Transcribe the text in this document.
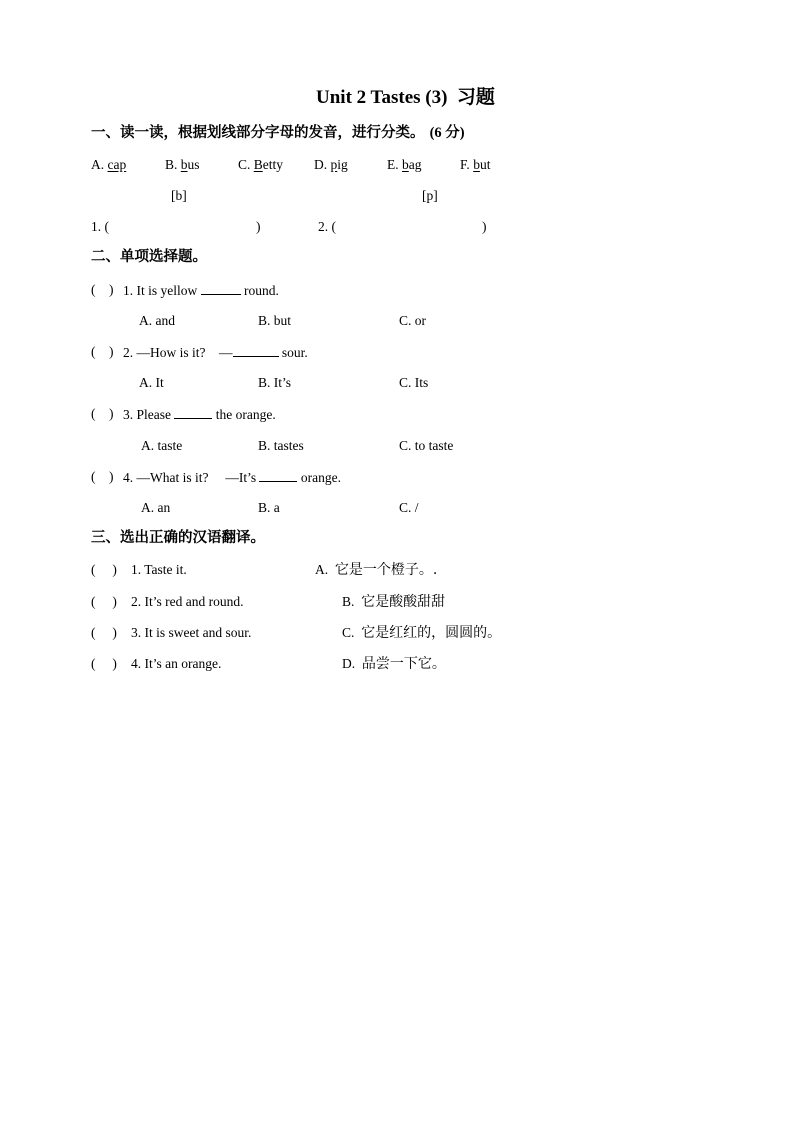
Unit 2 Tastes (3)  习题
一、读一读，根据划线部分字母的发音，进行分类。 (6 分)
A. cap	B. bus	C. Betty D. pig	E. bag	F. but
[b]	[p]
1. (	)	2. (	)
二、单项选择题。
(    ) 1. It is yellow	round.
A. and	B. but	C. or
(    ) 2. —How is it?    —	sour.
A. It	B. It’s	C. Its
(    ) 3. Please	the orange.
A. taste	B. tastes	C. to taste
(    ) 4. —What is it?     —It’s	orange.
A. an	B. a	C. /
三、选出正确的汉语翻译。
(     ) 1. Taste it.	A. 它是一个橙子。.
(     ) 2. It’s red and round.	B. 它是酸酸甜甜
(     ) 3. It is sweet and sour.	C. 它是红红的，圆圆的。
(     ) 4. It’s an orange.	D. 品尝一下它。
